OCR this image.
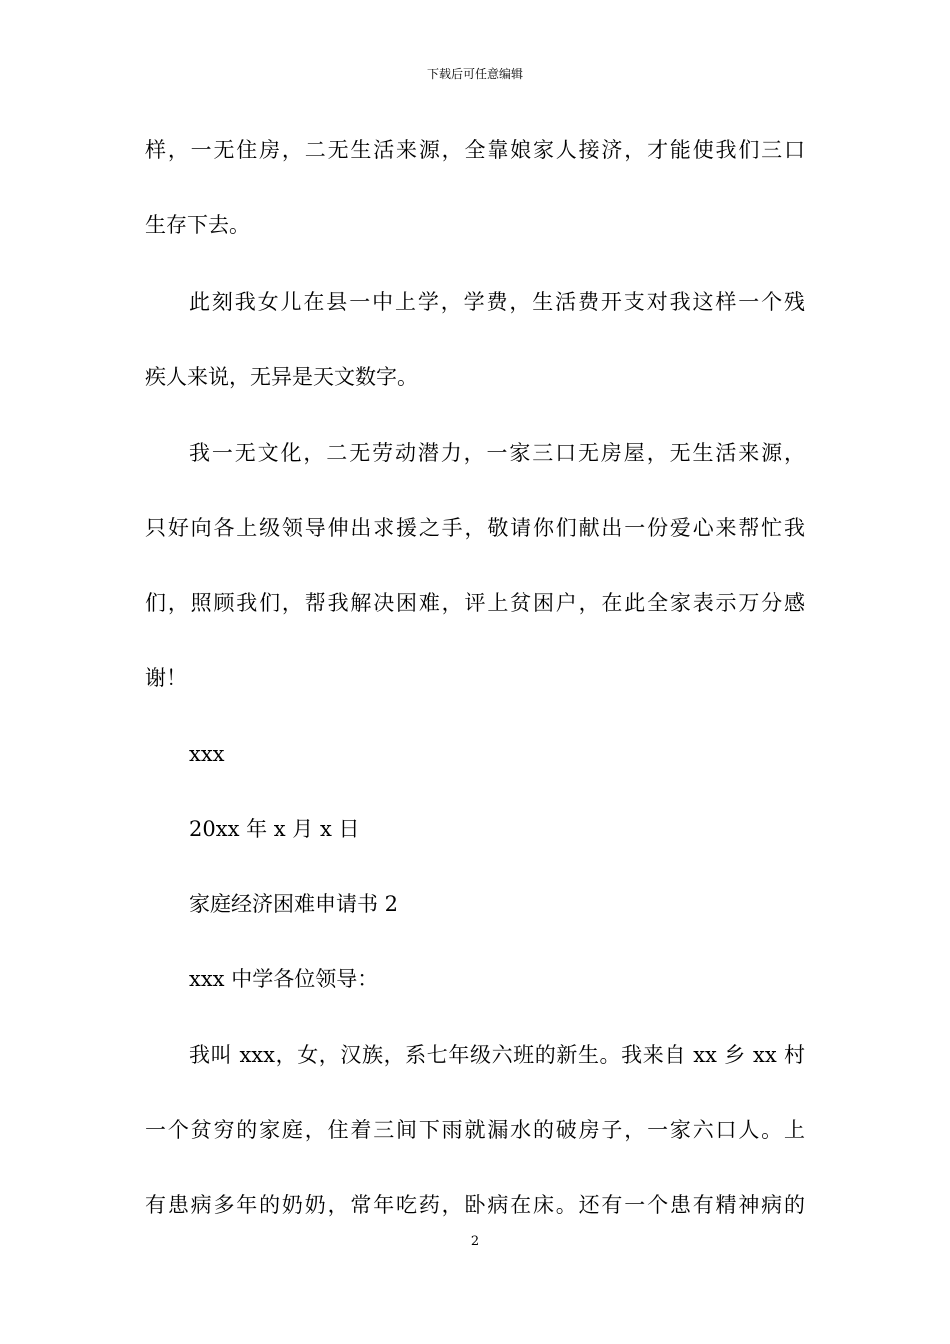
下载后可任意编辑
样，一无住房，二无生活来源，全靠娘家人接济，才能使我们三口
生存下去。
此刻我女儿在县一中上学，学费，生活费开支对我这样一个残
疾人来说，无异是天文数字。
我一无文化，二无劳动潜力，一家三口无房屋，无生活来源，
只好向各上级领导伸出求援之手，敬请你们献出一份爱心来帮忙我
们，照顾我们，帮我解决困难，评上贫困户，在此全家表示万分感
谢！
xxx
20xx 年 x 月 x 日
家庭经济困难申请书 2
xxx 中学各位领导：
我叫 xxx，女，汉族，系七年级六班的新生。我来自 xx 乡 xx 村
一个贫穷的家庭，住着三间下雨就漏水的破房子，一家六口人。上
有患病多年的奶奶，常年吃药，卧病在床。还有一个患有精神病的
2
